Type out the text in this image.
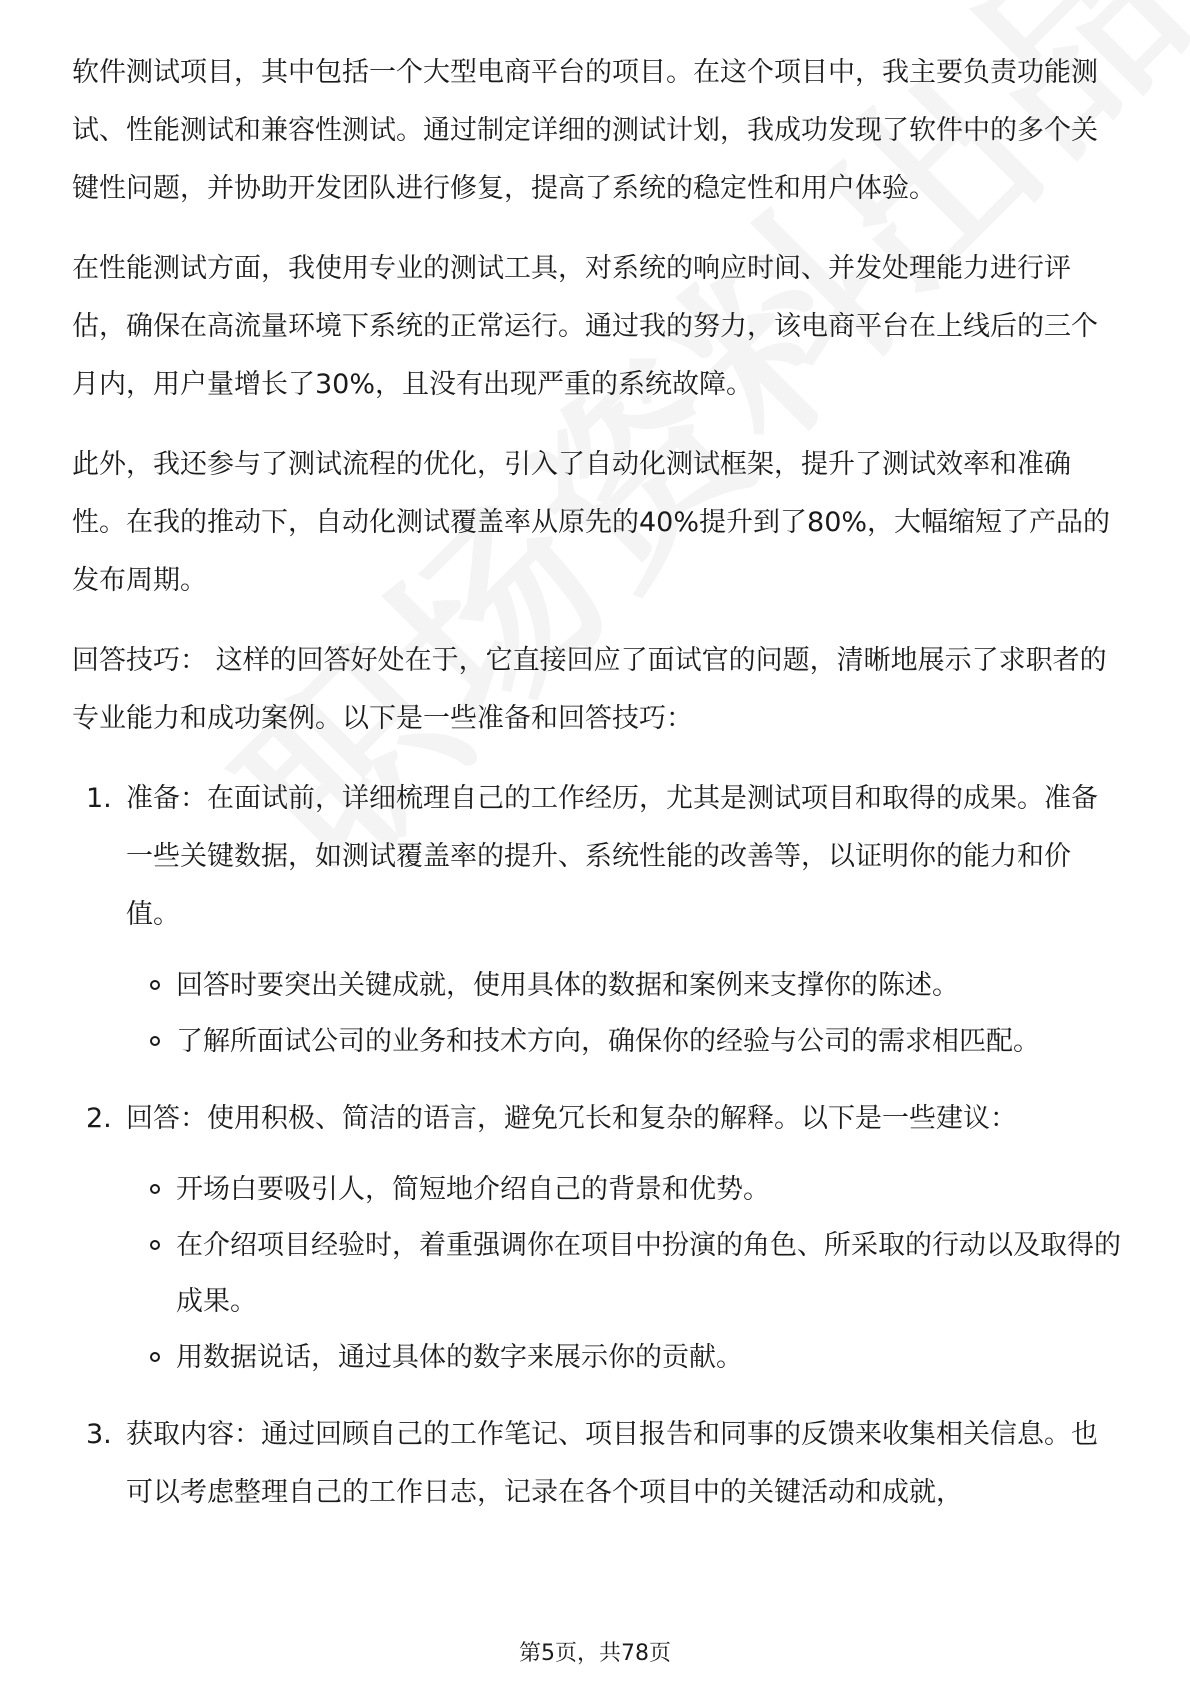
软件测试项目，其中包括一个大型电商平台的项目。在这个项目中，我主要负责功能测试、性能测试和兼容性测试。通过制定详细的测试计划，我成功发现了软件中的多个关键性问题，并协助开发团队进行修复，提高了系统的稳定性和用户体验。

在性能测试方面，我使用专业的测试工具，对系统的响应时间、并发处理能力进行评估，确保在高流量环境下系统的正常运行。通过我的努力，该电商平台在上线后的三个月内，用户量增长了30%，且没有出现严重的系统故障。

此外，我还参与了测试流程的优化，引入了自动化测试框架，提升了测试效率和准确性。在我的推动下，自动化测试覆盖率从原先的40%提升到了80%，大幅缩短了产品的发布周期。

回答技巧： 这样的回答好处在于，它直接回应了面试官的问题，清晰地展示了求职者的专业能力和成功案例。以下是一些准备和回答技巧：

1. 准备：在面试前，详细梳理自己的工作经历，尤其是测试项目和取得的成果。准备一些关键数据，如测试覆盖率的提升、系统性能的改善等，以证明你的能力和价值。
回答时要突出关键成就，使用具体的数据和案例来支撑你的陈述。
了解所面试公司的业务和技术方向，确保你的经验与公司的需求相匹配。
2. 回答：使用积极、简洁的语言，避免冗长和复杂的解释。以下是一些建议：
开场白要吸引人，简短地介绍自己的背景和优势。
在介绍项目经验时，着重强调你在项目中扮演的角色、所采取的行动以及取得的成果。
用数据说话，通过具体的数字来展示你的贡献。
3. 获取内容：通过回顾自己的工作笔记、项目报告和同事的反馈来收集相关信息。也可以考虑整理自己的工作日志，记录在各个项目中的关键活动和成就，
第5页，共78页
